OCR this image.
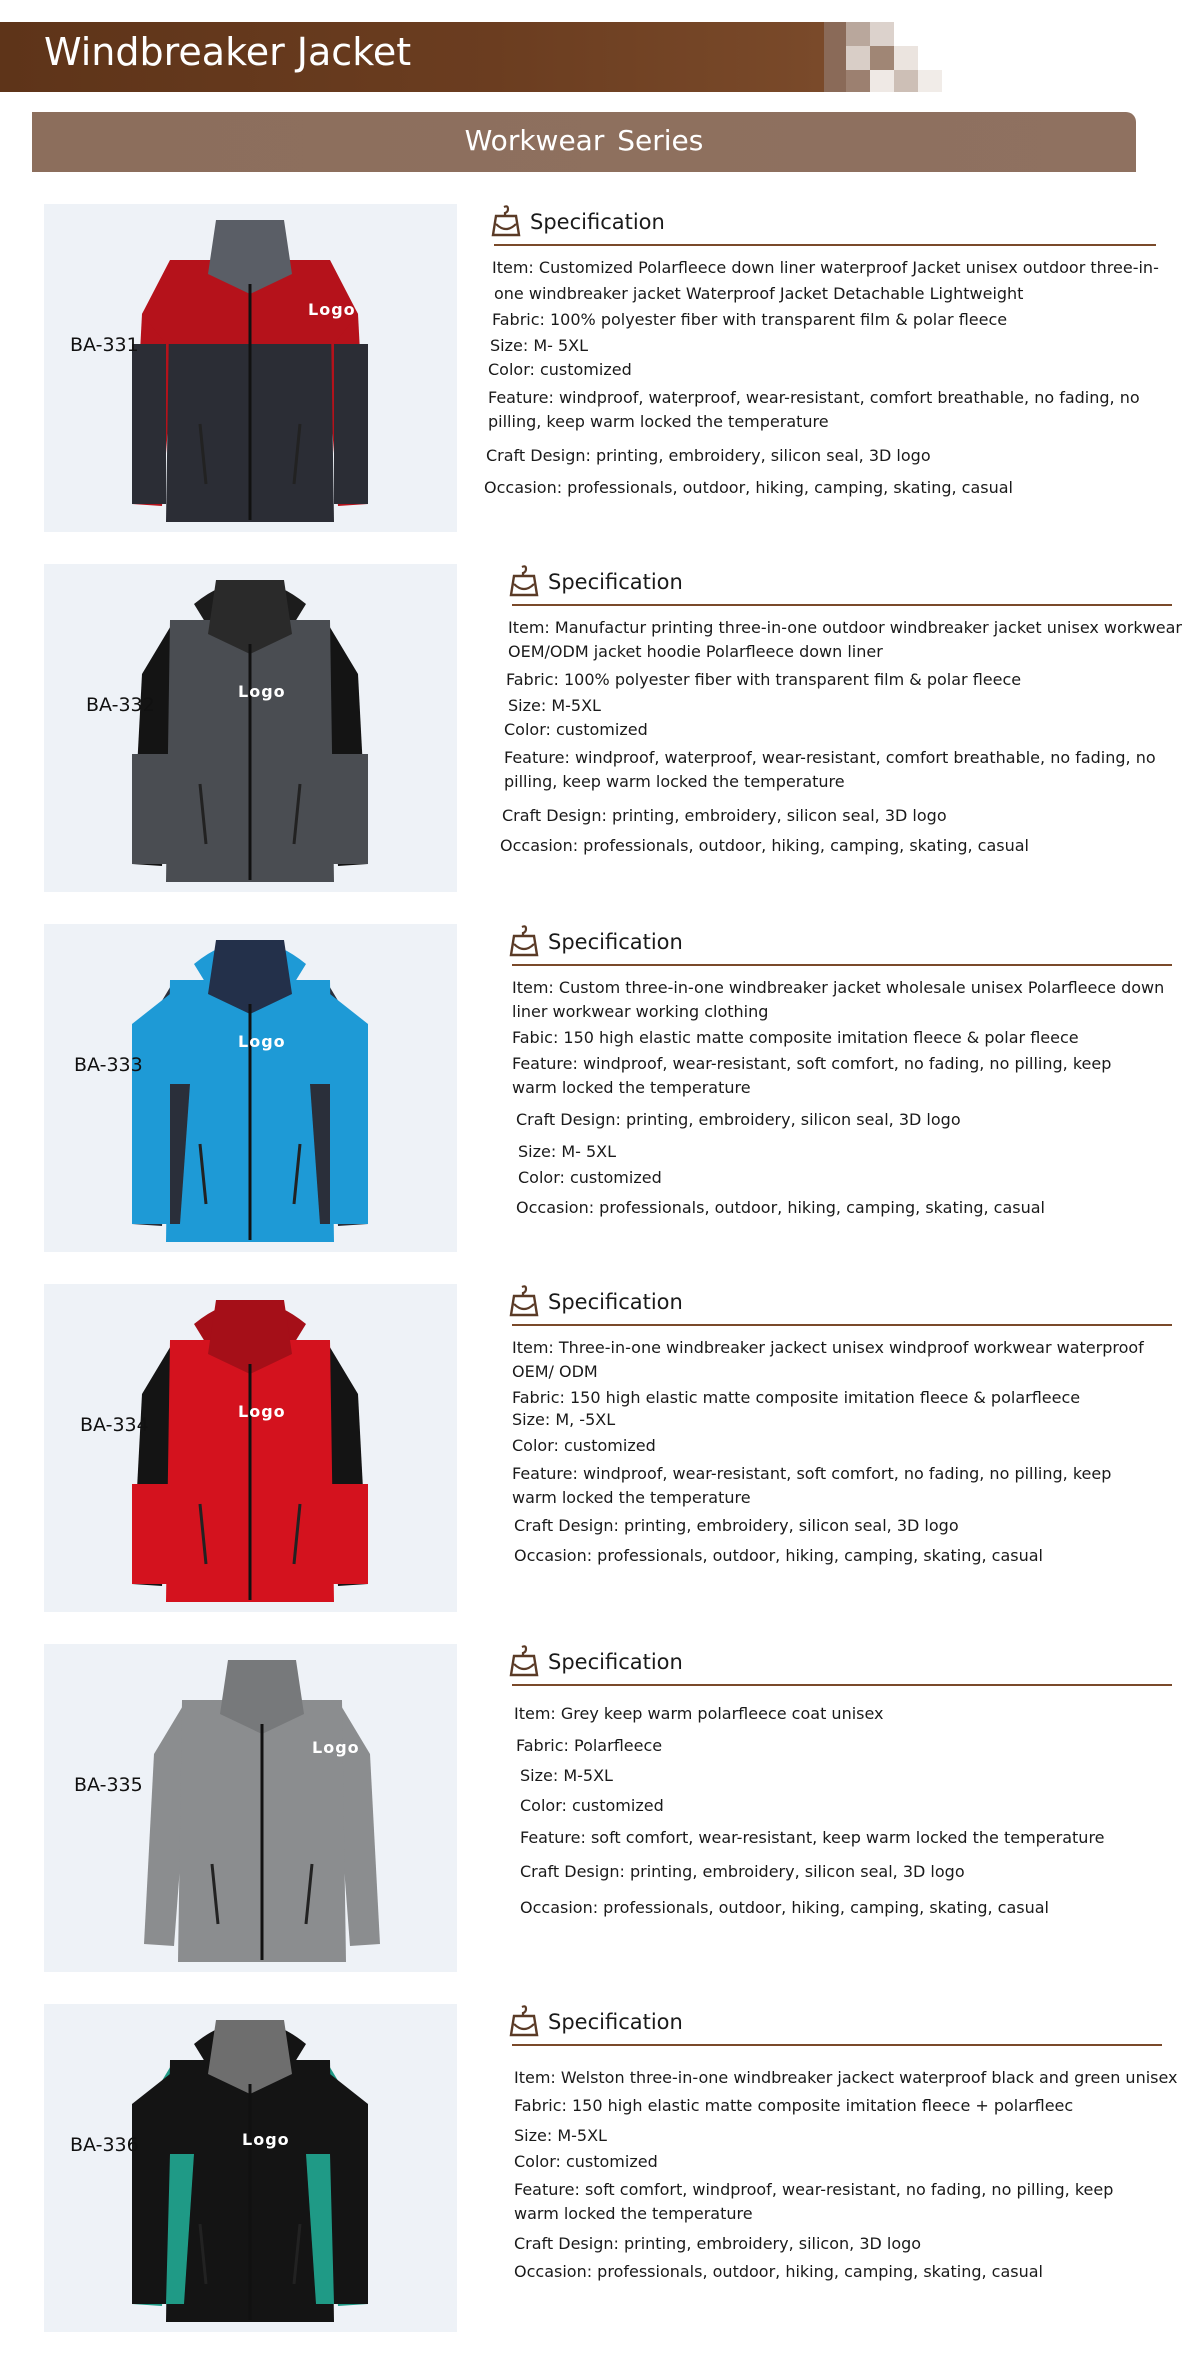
Windbreaker Jacket
Workwear Series
Logo
BA-331
Specification
Item: Customized Polarfleece down liner waterproof Jacket unisex outdoor three-in-
one windbreaker jacket Waterproof Jacket Detachable Lightweight
Fabric: 100% polyester fiber with transparent film & polar fleece
Size: M- 5XL
Color: customized
Feature: windproof, waterproof, wear-resistant, comfort breathable, no fading, no
pilling, keep warm locked the temperature
Craft Design: printing, embroidery, silicon seal, 3D logo
Occasion: professionals, outdoor, hiking, camping, skating, casual
Logo
BA-332
Specification
Item: Manufactur printing three-in-one outdoor windbreaker jacket unisex workwear
OEM/ODM jacket hoodie Polarfleece down liner
Fabric: 100% polyester fiber with transparent film & polar fleece
Size: M-5XL
Color: customized
Feature: windproof, waterproof, wear-resistant, comfort breathable, no fading, no
pilling, keep warm locked the temperature
Craft Design: printing, embroidery, silicon seal, 3D logo
Occasion: professionals, outdoor, hiking, camping, skating, casual
Logo
BA-333
Specification
Item: Custom three-in-one windbreaker jacket wholesale unisex Polarfleece down
liner workwear working clothing
Fabic: 150 high elastic matte composite imitation fleece & polar fleece
Feature: windproof, wear-resistant, soft comfort, no fading, no pilling, keep
warm locked the temperature
Craft Design: printing, embroidery, silicon seal, 3D logo
Size: M- 5XL
Color: customized
Occasion: professionals, outdoor, hiking, camping, skating, casual
Logo
BA-334
Specification
Item: Three-in-one windbreaker jackect unisex windproof workwear waterproof
OEM/ ODM
Fabric: 150 high elastic matte composite imitation fleece & polarfleece
Size: M, -5XL
Color: customized
Feature: windproof, wear-resistant, soft comfort, no fading, no pilling, keep
warm locked the temperature
Craft Design: printing, embroidery, silicon seal, 3D logo
Occasion: professionals, outdoor, hiking, camping, skating, casual
Logo
BA-335
Specification
Item: Grey keep warm polarfleece coat unisex
Fabric: Polarfleece
Size: M-5XL
Color: customized
Feature: soft comfort, wear-resistant, keep warm locked the temperature
Craft Design: printing, embroidery, silicon seal, 3D logo
Occasion: professionals, outdoor, hiking, camping, skating, casual
Logo
BA-336
Specification
Item: Welston three-in-one windbreaker jackect waterproof black and green unisex
Fabric: 150 high elastic matte composite imitation fleece + polarfleec
Size: M-5XL
Color: customized
Feature: soft comfort, windproof, wear-resistant, no fading, no pilling, keep
warm locked the temperature
Craft Design: printing, embroidery, silicon, 3D logo
Occasion: professionals, outdoor, hiking, camping, skating, casual
